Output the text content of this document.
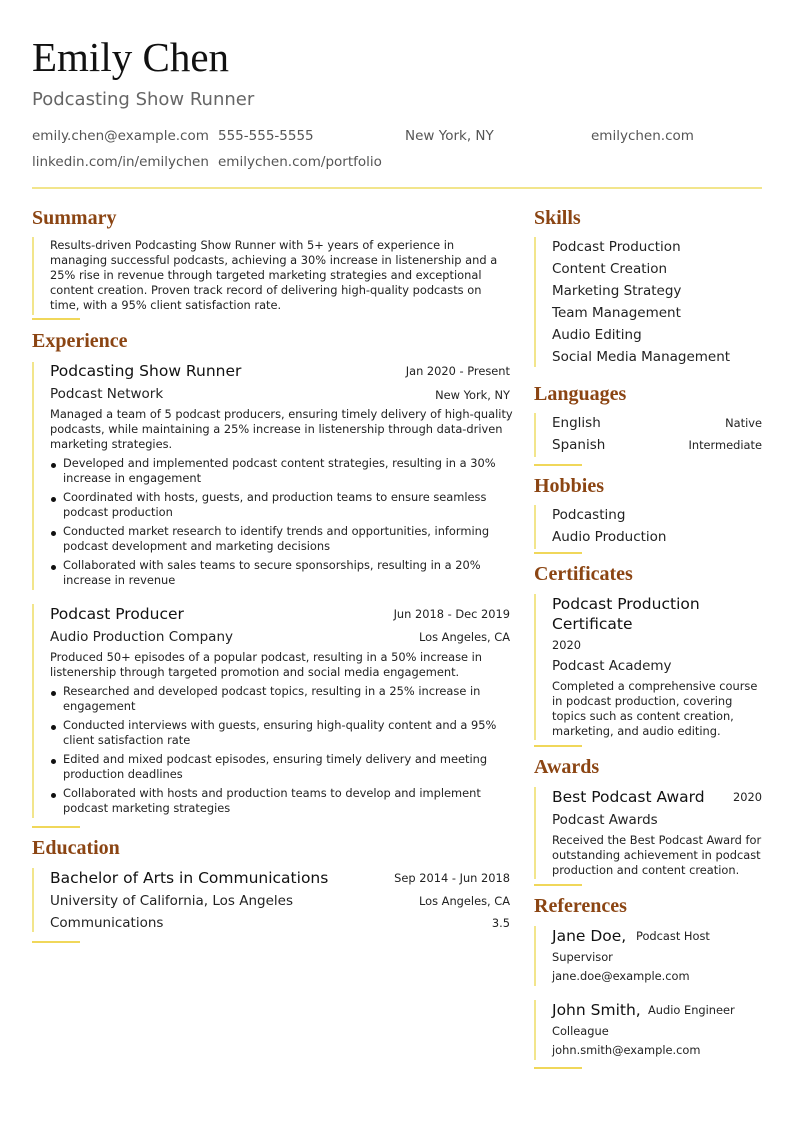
Emily Chen
Podcasting Show Runner
emily.chen@example.com 555-555-5555	New York, NY	emilychen.com
linkedin.com/in/emilychen emilychen.com/portfolio
Summary
Results-driven Podcasting Show Runner with 5+ years of experience in managing successful podcasts, achieving a 30% increase in listenership and a 25% rise in revenue through targeted marketing strategies and exceptional content creation. Proven track record of delivering high-quality podcasts on time, with a 95% client satisfaction rate.
Experience
Podcasting Show Runner	Jan 2020 - Present
Podcast Network	New York, NY
Managed a team of 5 podcast producers, ensuring timely delivery of high-quality podcasts, while maintaining a 25% increase in listenership through data-driven marketing strategies.
Developed and implemented podcast content strategies, resulting in a 30% increase in engagement
Coordinated with hosts, guests, and production teams to ensure seamless podcast production
Conducted market research to identify trends and opportunities, informing podcast development and marketing decisions
Collaborated with sales teams to secure sponsorships, resulting in a 20% increase in revenue
Podcast Producer	Jun 2018 - Dec 2019
Audio Production Company	Los Angeles, CA
Produced 50+ episodes of a popular podcast, resulting in a 50% increase in listenership through targeted promotion and social media engagement.
Researched and developed podcast topics, resulting in a 25% increase in engagement
Conducted interviews with guests, ensuring high-quality content and a 95% client satisfaction rate
Edited and mixed podcast episodes, ensuring timely delivery and meeting production deadlines
Collaborated with hosts and production teams to develop and implement podcast marketing strategies
Education
Bachelor of Arts in Communications	Sep 2014 - Jun 2018
University of California, Los Angeles	Los Angeles, CA
Communications	3.5
Skills
Podcast Production
Content Creation
Marketing Strategy
Team Management
Audio Editing
Social Media Management
Languages
English	Native
Spanish	Intermediate
Hobbies
Podcasting
Audio Production
Certificates
Podcast Production
Certificate
2020
Podcast Academy
Completed a comprehensive course in podcast production, covering topics such as content creation, marketing, and audio editing.
Awards
Best Podcast Award 2020
Podcast Awards
Received the Best Podcast Award for outstanding achievement in podcast production and content creation.
References
Jane Doe, Podcast Host
Supervisor
jane.doe@example.com
John Smith, Audio Engineer
Colleague
john.smith@example.com
